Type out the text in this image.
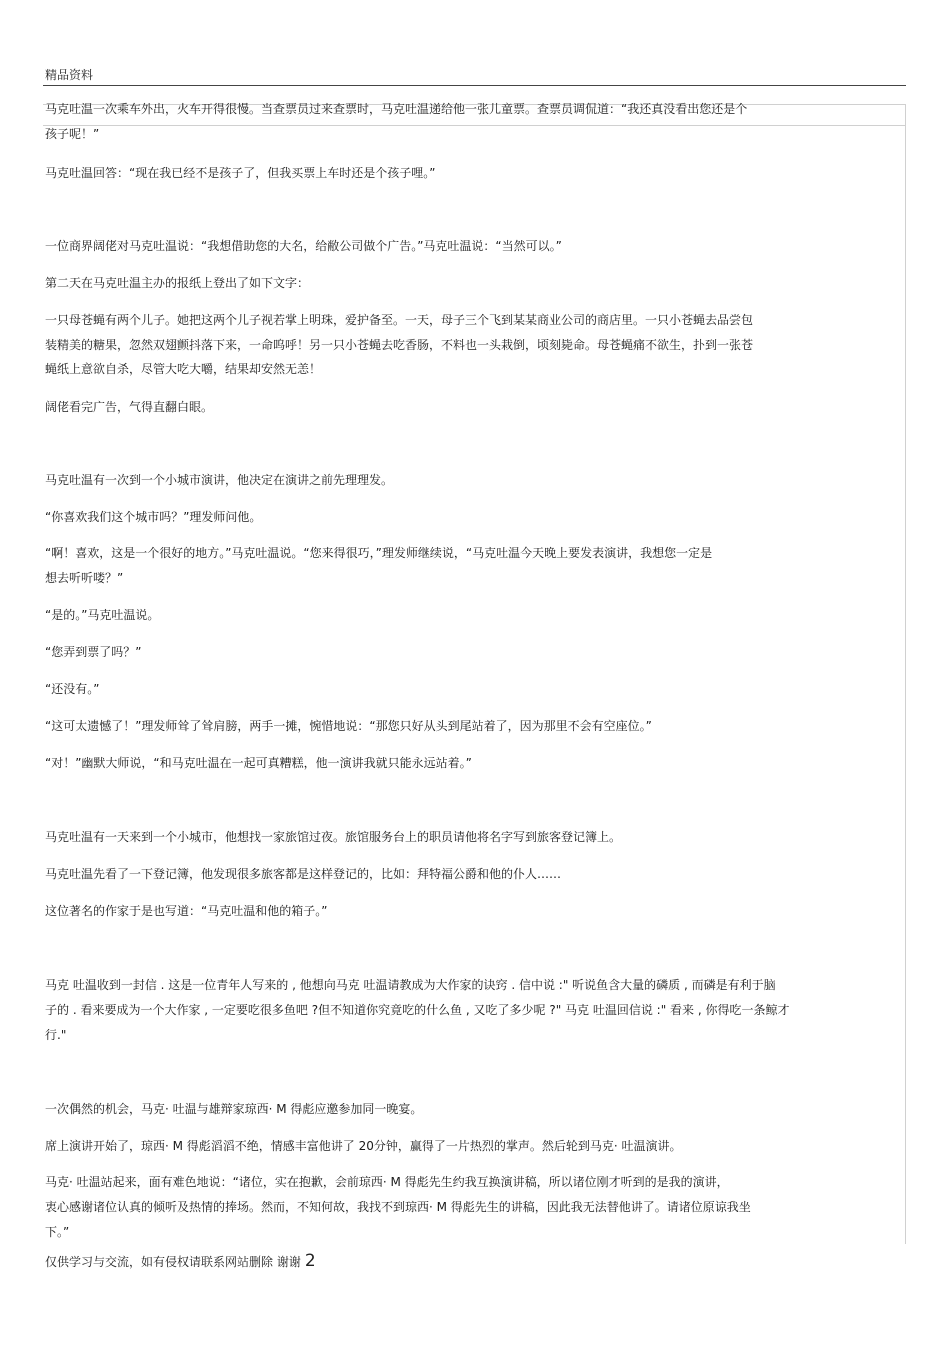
精品资料
马克吐温一次乘车外出，火车开得很慢。当查票员过来查票时，马克吐温递给他一张儿童票。查票员调侃道：“我还真没看出您还是个
孩子呢！”
马克吐温回答：“现在我已经不是孩子了，但我买票上车时还是个孩子哩。”
一位商界阔佬对马克吐温说：“我想借助您的大名，给敝公司做个广告。”马克吐温说：“当然可以。”
第二天在马克吐温主办的报纸上登出了如下文字：
一只母苍蝇有两个儿子。她把这两个儿子视若掌上明珠，爱护备至。一天，母子三个飞到某某商业公司的商店里。一只小苍蝇去品尝包
装精美的糖果，忽然双翅颤抖落下来，一命呜呼！另一只小苍蝇去吃香肠，不料也一头栽倒，顷刻毙命。母苍蝇痛不欲生，扑到一张苍
蝇纸上意欲自杀，尽管大吃大嚼，结果却安然无恙！
阔佬看完广告，气得直翻白眼。
马克吐温有一次到一个小城市演讲，他决定在演讲之前先理理发。
“你喜欢我们这个城市吗？”理发师问他。
“啊！喜欢，这是一个很好的地方。”马克吐温说。“您来得很巧，”理发师继续说，“马克吐温今天晚上要发表演讲，我想您一定是
想去听听喽？”
“是的。”马克吐温说。
“您弄到票了吗？”
“还没有。”
“这可太遗憾了！”理发师耸了耸肩膀，两手一摊，惋惜地说：“那您只好从头到尾站着了，因为那里不会有空座位。”
“对！”幽默大师说，“和马克吐温在一起可真糟糕，他一演讲我就只能永远站着。”
马克吐温有一天来到一个小城市，他想找一家旅馆过夜。旅馆服务台上的职员请他将名字写到旅客登记簿上。
马克吐温先看了一下登记簿，他发现很多旅客都是这样登记的，比如：拜特福公爵和他的仆人……
这位著名的作家于是也写道：“马克吐温和他的箱子。”
马克 吐温收到一封信 . 这是一位青年人写来的 , 他想向马克 吐温请教成为大作家的诀窍 . 信中说 :" 听说鱼含大量的磷质 , 而磷是有利于脑
子的 . 看来要成为一个大作家 , 一定要吃很多鱼吧 ?但不知道你究竟吃的什么鱼 , 又吃了多少呢 ?" 马克 吐温回信说 :" 看来 , 你得吃一条鲸才
行."
一次偶然的机会，马克· 吐温与雄辩家琼西· M 得彪应邀参加同一晚宴。
席上演讲开始了，琼西· M 得彪滔滔不绝，情感丰富他讲了 20分钟，赢得了一片热烈的掌声。然后轮到马克· 吐温演讲。
马克· 吐温站起来，面有难色地说：“诸位，实在抱歉，会前琼西· M 得彪先生约我互换演讲稿，所以诸位刚才听到的是我的演讲，
衷心感谢诸位认真的倾听及热情的捧场。然而，不知何故，我找不到琼西· M 得彪先生的讲稿，因此我无法替他讲了。请诸位原谅我坐
下。”
仅供学习与交流，如有侵权请联系网站删除 谢谢 2
